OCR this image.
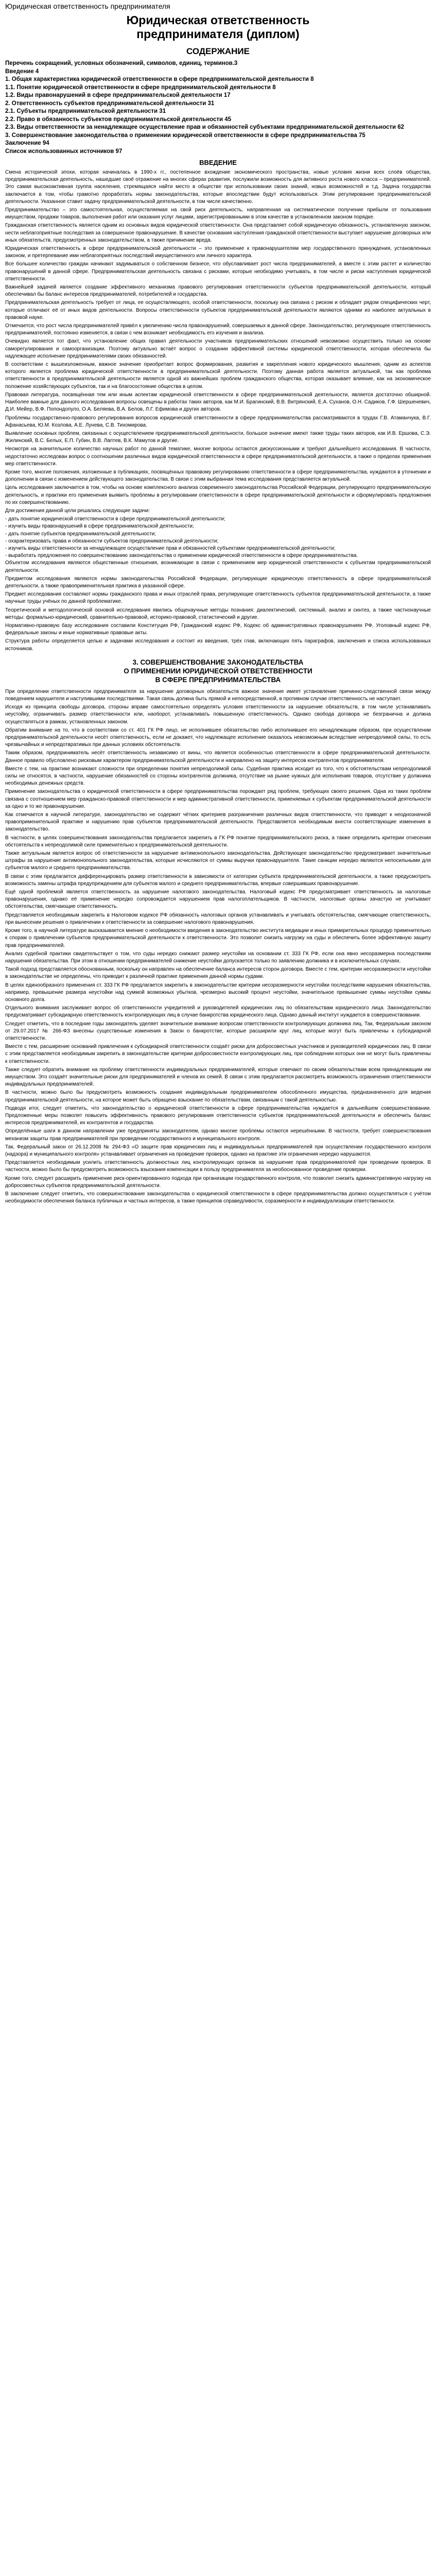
Юридическая ответственность предпринимателя
Юридическая ответственность
предпринимателя (диплом)
СОДЕРЖАНИЕ

Перечень сокращений, условных обозначений, символов, единиц, терминов.3

Введение 4

1. Общая характеристика юридической ответственности в сфере предпринимательской деятельности 8

1.1. Понятие юридической ответственности в сфере предпринимательской деятельности 8

1.2. Виды правонарушений в сфере предпринимательской деятельности 17

2. Ответственность субъектов предпринимательской деятельности 31

2.1. Субъекты предпринимательской деятельности 31

2.2. Право в обязанность субъектов предпринимательской деятельности 45

2.3. Виды ответственности за ненадлежащее осуществление прав и обязанностей субъектами предпринимательской деятельности 62

3. Совершенствование законодательства о применении юридической ответственности в сфере предпринимательства 75

Заключение 94

Список использованных источников 97

ВВЕДЕНИЕ

Смена исторической эпохи, которая начиналась в 1990-х гг., постепенное вхождение экономического пространства, новые условия жизни всех слоёв общества, предпринимательская деятельность, нашедшие своё отражение на многих сферах развития, послужили возможность для активного роста нового класса – предпринимателей. Это самая высокоактивная группа населения, стремящаяся найти место в обществе при использовании своих знаний, новых возможностей и т.д. Задача государства заключается в том, чтобы грамотно проработать нормы законодательства, которые впоследствии будут использоваться. Этим регулирование предпринимательской деятельности. Указанное ставит задачу предпринимательской деятельности, в том числе качественно.

Предпринимательство – это самостоятельная, осуществляемая на свой риск деятельность, направленная на систематическое получение прибыли от пользования имуществом, продажи товаров, выполнения работ или оказания услуг лицами, зарегистрированными в этом качестве в установленном законом порядке.

Гражданская ответственность является одним из основных видов юридической ответственности. Она представляет собой юридическую обязанность, установленную законом, нести неблагоприятные последствия за совершенное правонарушение. В качестве основания наступления гражданской ответственности выступает нарушение договорных или иных обязательств, предусмотренных законодательством, а также причинение вреда.

Юридическая ответственность в сфере предпринимательской деятельности – это применение к правонарушителям мер государственного принуждения, установленных законом, и претерпевание ими неблагоприятных последствий имущественного или личного характера.

Все большее количество граждан начинают задумываться о собственном бизнесе, что обуславливает рост числа предпринимателей, а вместе с этим растет и количество правонарушений в данной сфере. Предпринимательская деятельность связана с рисками, которые необходимо учитывать, в том числе и риски наступления юридической ответственности.

Важнейшей задачей является создание эффективного механизма правового регулирования ответственности субъектов предпринимательской деятельности, который обеспечивал бы баланс интересов предпринимателей, потребителей и государства.

Предпринимательская деятельность требует от лица, ее осуществляющего, особой ответственности, поскольку она связана с риском и обладает рядом специфических черт, которые отличают её от иных видов деятельности. Вопросы ответственности субъектов предпринимательской деятельности являются одними из наиболее актуальных в правовой науке.

Отмечается, что рост числа предпринимателей привёл к увеличению числа правонарушений, совершаемых в данной сфере. Законодательство, регулирующее ответственность предпринимателей, постоянно изменяется, в связи с чем возникает необходимость его изучения и анализа.

Очевидно является тот факт, что установление общих правил деятельности участников предпринимательских отношений невозможно осуществить только на основе саморегулирования и самоорганизации. Поэтому актуально встаёт вопрос о создании эффективной системы юридической ответственности, которая обеспечила бы надлежащее исполнение предпринимателями своих обязанностей.

В соответствии с вышеизложенным, важное значение приобретает вопрос формирования, развития и закрепления нового юридического мышления, одним из аспектов которого является проблема юридической ответственности в предпринимательской деятельности. Поэтому данная работа является актуальной, так как проблема ответственности в предпринимательской деятельности является одной из важнейших проблем гражданского общества, которая оказывает влияние, как на экономическое положение хозяйствующих субъектов, так и на благосостояние общества в целом.

Правовая литература, посвящённая тем или иным аспектам юридической ответственности в сфере предпринимательской деятельности, является достаточно обширной. Наиболее важные для данного исследования вопросы освещены в работах таких авторов, как М.И. Брагинский, В.В. Витрянский, Е.А. Суханов, О.Н. Садиков, Г.Ф. Шершеневич, Д.И. Мейер, В.Ф. Попондопуло, О.А. Беляева, В.А. Белов, Л.Г. Ефимова и других авторов.

Проблемы государственно-правового регулирования вопросов юридической ответственности в сфере предпринимательства рассматриваются в трудах Г.В. Атаманчука, В.Г. Афанасьева, Ю.М. Козлова, А.Е. Лунева, С.В. Тихомирова.

Выявление основных проблем, связанных с осуществлением предпринимательской деятельности, большое значение имеют также труды таких авторов, как И.В. Ершова, С.Э. Жилинский, В.С. Белых, Е.П. Губин, В.В. Лаптев, В.К. Мамутов и другие.

Несмотря на значительное количество научных работ по данной тематике, многие вопросы остаются дискуссионными и требуют дальнейшего исследования. В частности, недостаточно исследован вопрос о соотношении различных видов юридической ответственности в сфере предпринимательской деятельности, а также о пределах применения мер ответственности.

Кроме того, многие положения, изложенные в публикациях, посвящённых правовому регулированию ответственности в сфере предпринимательства, нуждаются в уточнении и дополнении в связи с изменением действующего законодательства. В связи с этим выбранная тема исследования представляется актуальной.

Цель исследования заключается в том, чтобы на основе комплексного анализа современного законодательства Российской Федерации, регулирующего предпринимательскую деятельность, и практики его применения выявить проблемы в регулировании ответственности в сфере предпринимательской деятельности и сформулировать предложения по их совершенствованию.

Для достижения данной цели решались следующие задачи:

- дать понятие юридической ответственности в сфере предпринимательской деятельности;
- изучить виды правонарушений в сфере предпринимательской деятельности;
- дать понятие субъектов предпринимательской деятельности;
- охарактеризовать права и обязанности субъектов предпринимательской деятельности;
- изучить виды ответственности за ненадлежащее осуществление прав и обязанностей субъектами предпринимательской деятельности;
- выработать предложения по совершенствованию законодательства о применении юридической ответственности в сфере предпринимательства.

Объектом исследования являются общественные отношения, возникающие в связи с применением мер юридической ответственности к субъектам предпринимательской деятельности.

Предметом исследования являются нормы законодательства Российской Федерации, регулирующие юридическую ответственность в сфере предпринимательской деятельности, а также правоприменительная практика в указанной сфере.

Предмет исследования составляют нормы гражданского права и иных отраслей права, регулирующие ответственность субъектов предпринимательской деятельности, а также научные труды учёных по данной проблематике.

Теоретической и методологической основой исследования явились общенаучные методы познания: диалектический, системный, анализ и синтез, а также частнонаучные методы: формально-юридический, сравнительно-правовой, историко-правовой, статистический и другие.

Нормативно-правовую базу исследования составили Конституция РФ, Гражданский кодекс РФ, Кодекс об административных правонарушениях РФ, Уголовный кодекс РФ, федеральные законы и иные нормативные правовые акты.

Структура работы определяется целью и задачами исследования и состоит из введения, трёх глав, включающих пять параграфов, заключения и списка использованных источников.

3. СОВЕРШЕНСТВОВАНИЕ ЗАКОНОДАТЕЛЬСТВА
О ПРИМЕНЕНИИ ЮРИДИЧЕСКОЙ ОТВЕТСТВЕННОСТИ
В СФЕРЕ ПРЕДПРИНИМАТЕЛЬСТВА

При определении ответственности предпринимателя за нарушение договорных обязательств важное значение имеет установление причинно-следственной связи между поведением нарушителя и наступившими последствиями. Такая связь должна быть прямой и непосредственной, в противном случае ответственность не наступает.

Исходя из принципа свободы договора, стороны вправе самостоятельно определять условия ответственности за нарушение обязательств, в том числе устанавливать неустойку, ограничивать размер ответственности или, наоборот, устанавливать повышенную ответственность. Однако свобода договора не безгранична и должна осуществляться в рамках, установленных законом.

Обратим внимание на то, что в соответствии со ст. 401 ГК РФ лицо, не исполнившее обязательство либо исполнившее его ненадлежащим образом, при осуществлении предпринимательской деятельности несёт ответственность, если не докажет, что надлежащее исполнение оказалось невозможным вследствие непреодолимой силы, то есть чрезвычайных и непредотвратимых при данных условиях обстоятельств.

Таким образом, предприниматель несёт ответственность независимо от вины, что является особенностью ответственности в сфере предпринимательской деятельности. Данное правило обусловлено рисковым характером предпринимательской деятельности и направлено на защиту интересов контрагентов предпринимателя.

Вместе с тем, на практике возникают сложности при определении понятия непреодолимой силы. Судебная практика исходит из того, что к обстоятельствам непреодолимой силы не относятся, в частности, нарушение обязанностей со стороны контрагентов должника, отсутствие на рынке нужных для исполнения товаров, отсутствие у должника необходимых денежных средств.

Применение законодательства о юридической ответственности в сфере предпринимательства порождает ряд проблем, требующих своего решения. Одна из таких проблем связана с соотношением мер гражданско-правовой ответственности и мер административной ответственности, применяемых к субъектам предпринимательской деятельности за одно и то же правонарушение.

Как отмечается в научной литературе, законодательство не содержит чётких критериев разграничения различных видов ответственности, что приводит к неоднозначной правоприменительной практике и нарушению прав субъектов предпринимательской деятельности. Представляется необходимым внести соответствующие изменения в законодательство.

В частности, в целях совершенствования законодательства предлагается закрепить в ГК РФ понятие предпринимательского риска, а также определить критерии отнесения обстоятельств к непреодолимой силе применительно к предпринимательской деятельности.

Также актуальным является вопрос об ответственности за нарушение антимонопольного законодательства. Действующее законодательство предусматривает значительные штрафы за нарушение антимонопольного законодательства, которые исчисляются от суммы выручки правонарушителя. Такие санкции нередко являются непосильными для субъектов малого и среднего предпринимательства.

В связи с этим предлагается дифференцировать размер ответственности в зависимости от категории субъекта предпринимательской деятельности, а также предусмотреть возможность замены штрафа предупреждением для субъектов малого и среднего предпринимательства, впервые совершивших правонарушение.

Ещё одной проблемой является ответственность за нарушение налогового законодательства. Налоговый кодекс РФ предусматривает ответственность за налоговые правонарушения, однако её применение нередко сопровождается нарушением прав налогоплательщиков. В частности, налоговые органы зачастую не учитывают обстоятельства, смягчающие ответственность.

Представляется необходимым закрепить в Налоговом кодексе РФ обязанность налоговых органов устанавливать и учитывать обстоятельства, смягчающие ответственность, при вынесении решения о привлечении к ответственности за совершение налогового правонарушения.

Кроме того, в научной литературе высказывается мнение о необходимости введения в законодательство института медиации и иных примирительных процедур применительно к спорам о привлечении субъектов предпринимательской деятельности к ответственности. Это позволит снизить нагрузку на суды и обеспечить более эффективную защиту прав предпринимателей.

Анализ судебной практики свидетельствует о том, что суды нередко снижают размер неустойки на основании ст. 333 ГК РФ, если она явно несоразмерна последствиям нарушения обязательства. При этом в отношении предпринимателей снижение неустойки допускается только по заявлению должника и в исключительных случаях.

Такой подход представляется обоснованным, поскольку он направлен на обеспечение баланса интересов сторон договора. Вместе с тем, критерии несоразмерности неустойки в законодательстве не определены, что приводит к различной практике применения данной нормы судами.

В целях единообразного применения ст. 333 ГК РФ предлагается закрепить в законодательстве критерии несоразмерности неустойки последствиям нарушения обязательства, например, превышение размера неустойки над суммой возможных убытков, чрезмерно высокий процент неустойки, значительное превышение суммы неустойки суммы основного долга.

Отдельного внимания заслуживает вопрос об ответственности учредителей и руководителей юридических лиц по обязательствам юридического лица. Законодательство предусматривает субсидиарную ответственность контролирующих лиц в случае банкротства юридического лица. Однако данный институт нуждается в совершенствовании.

Следует отметить, что в последние годы законодатель уделяет значительное внимание вопросам ответственности контролирующих должника лиц. Так, Федеральным законом от 29.07.2017 № 266-ФЗ внесены существенные изменения в Закон о банкротстве, которые расширили круг лиц, которые могут быть привлечены к субсидиарной ответственности.

Вместе с тем, расширение оснований привлечения к субсидиарной ответственности создаёт риски для добросовестных участников и руководителей юридических лиц. В связи с этим представляется необходимым закрепить в законодательстве критерии добросовестности контролирующих лиц, при соблюдении которых они не могут быть привлечены к ответственности.

Также следует обратить внимание на проблему ответственности индивидуальных предпринимателей, которые отвечают по своим обязательствам всем принадлежащим им имуществом. Это создаёт значительные риски для предпринимателей и членов их семей. В связи с этим предлагается рассмотреть возможность ограничения ответственности индивидуальных предпринимателей.

В частности, можно было бы предусмотреть возможность создания индивидуальным предпринимателем обособленного имущества, предназначенного для ведения предпринимательской деятельности, на которое может быть обращено взыскание по обязательствам, связанным с такой деятельностью.

Подводя итог, следует отметить, что законодательство о юридической ответственности в сфере предпринимательства нуждается в дальнейшем совершенствовании. Предложенные меры позволят повысить эффективность правового регулирования ответственности субъектов предпринимательской деятельности и обеспечить баланс интересов предпринимателей, их контрагентов и государства.

Определённые шаги в данном направлении уже предприняты законодателем, однако многие проблемы остаются нерешёнными. В частности, требует совершенствования механизм защиты прав предпринимателей при проведении государственного и муниципального контроля.

Так, Федеральный закон от 26.12.2008 № 294-ФЗ «О защите прав юридических лиц и индивидуальных предпринимателей при осуществлении государственного контроля (надзора) и муниципального контроля» устанавливает ограничения на проведение проверок, однако на практике эти ограничения нередко нарушаются.

Представляется необходимым усилить ответственность должностных лиц контролирующих органов за нарушение прав предпринимателей при проведении проверок. В частности, можно было бы предусмотреть возможность взыскания компенсации в пользу предпринимателя за необоснованное проведение проверки.

Кроме того, следует расширить применение риск-ориентированного подхода при организации государственного контроля, что позволит снизить административную нагрузку на добросовестных субъектов предпринимательской деятельности.

В заключение следует отметить, что совершенствование законодательства о юридической ответственности в сфере предпринимательства должно осуществляться с учётом необходимости обеспечения баланса публичных и частных интересов, а также принципов справедливости, соразмерности и индивидуализации ответственности.
